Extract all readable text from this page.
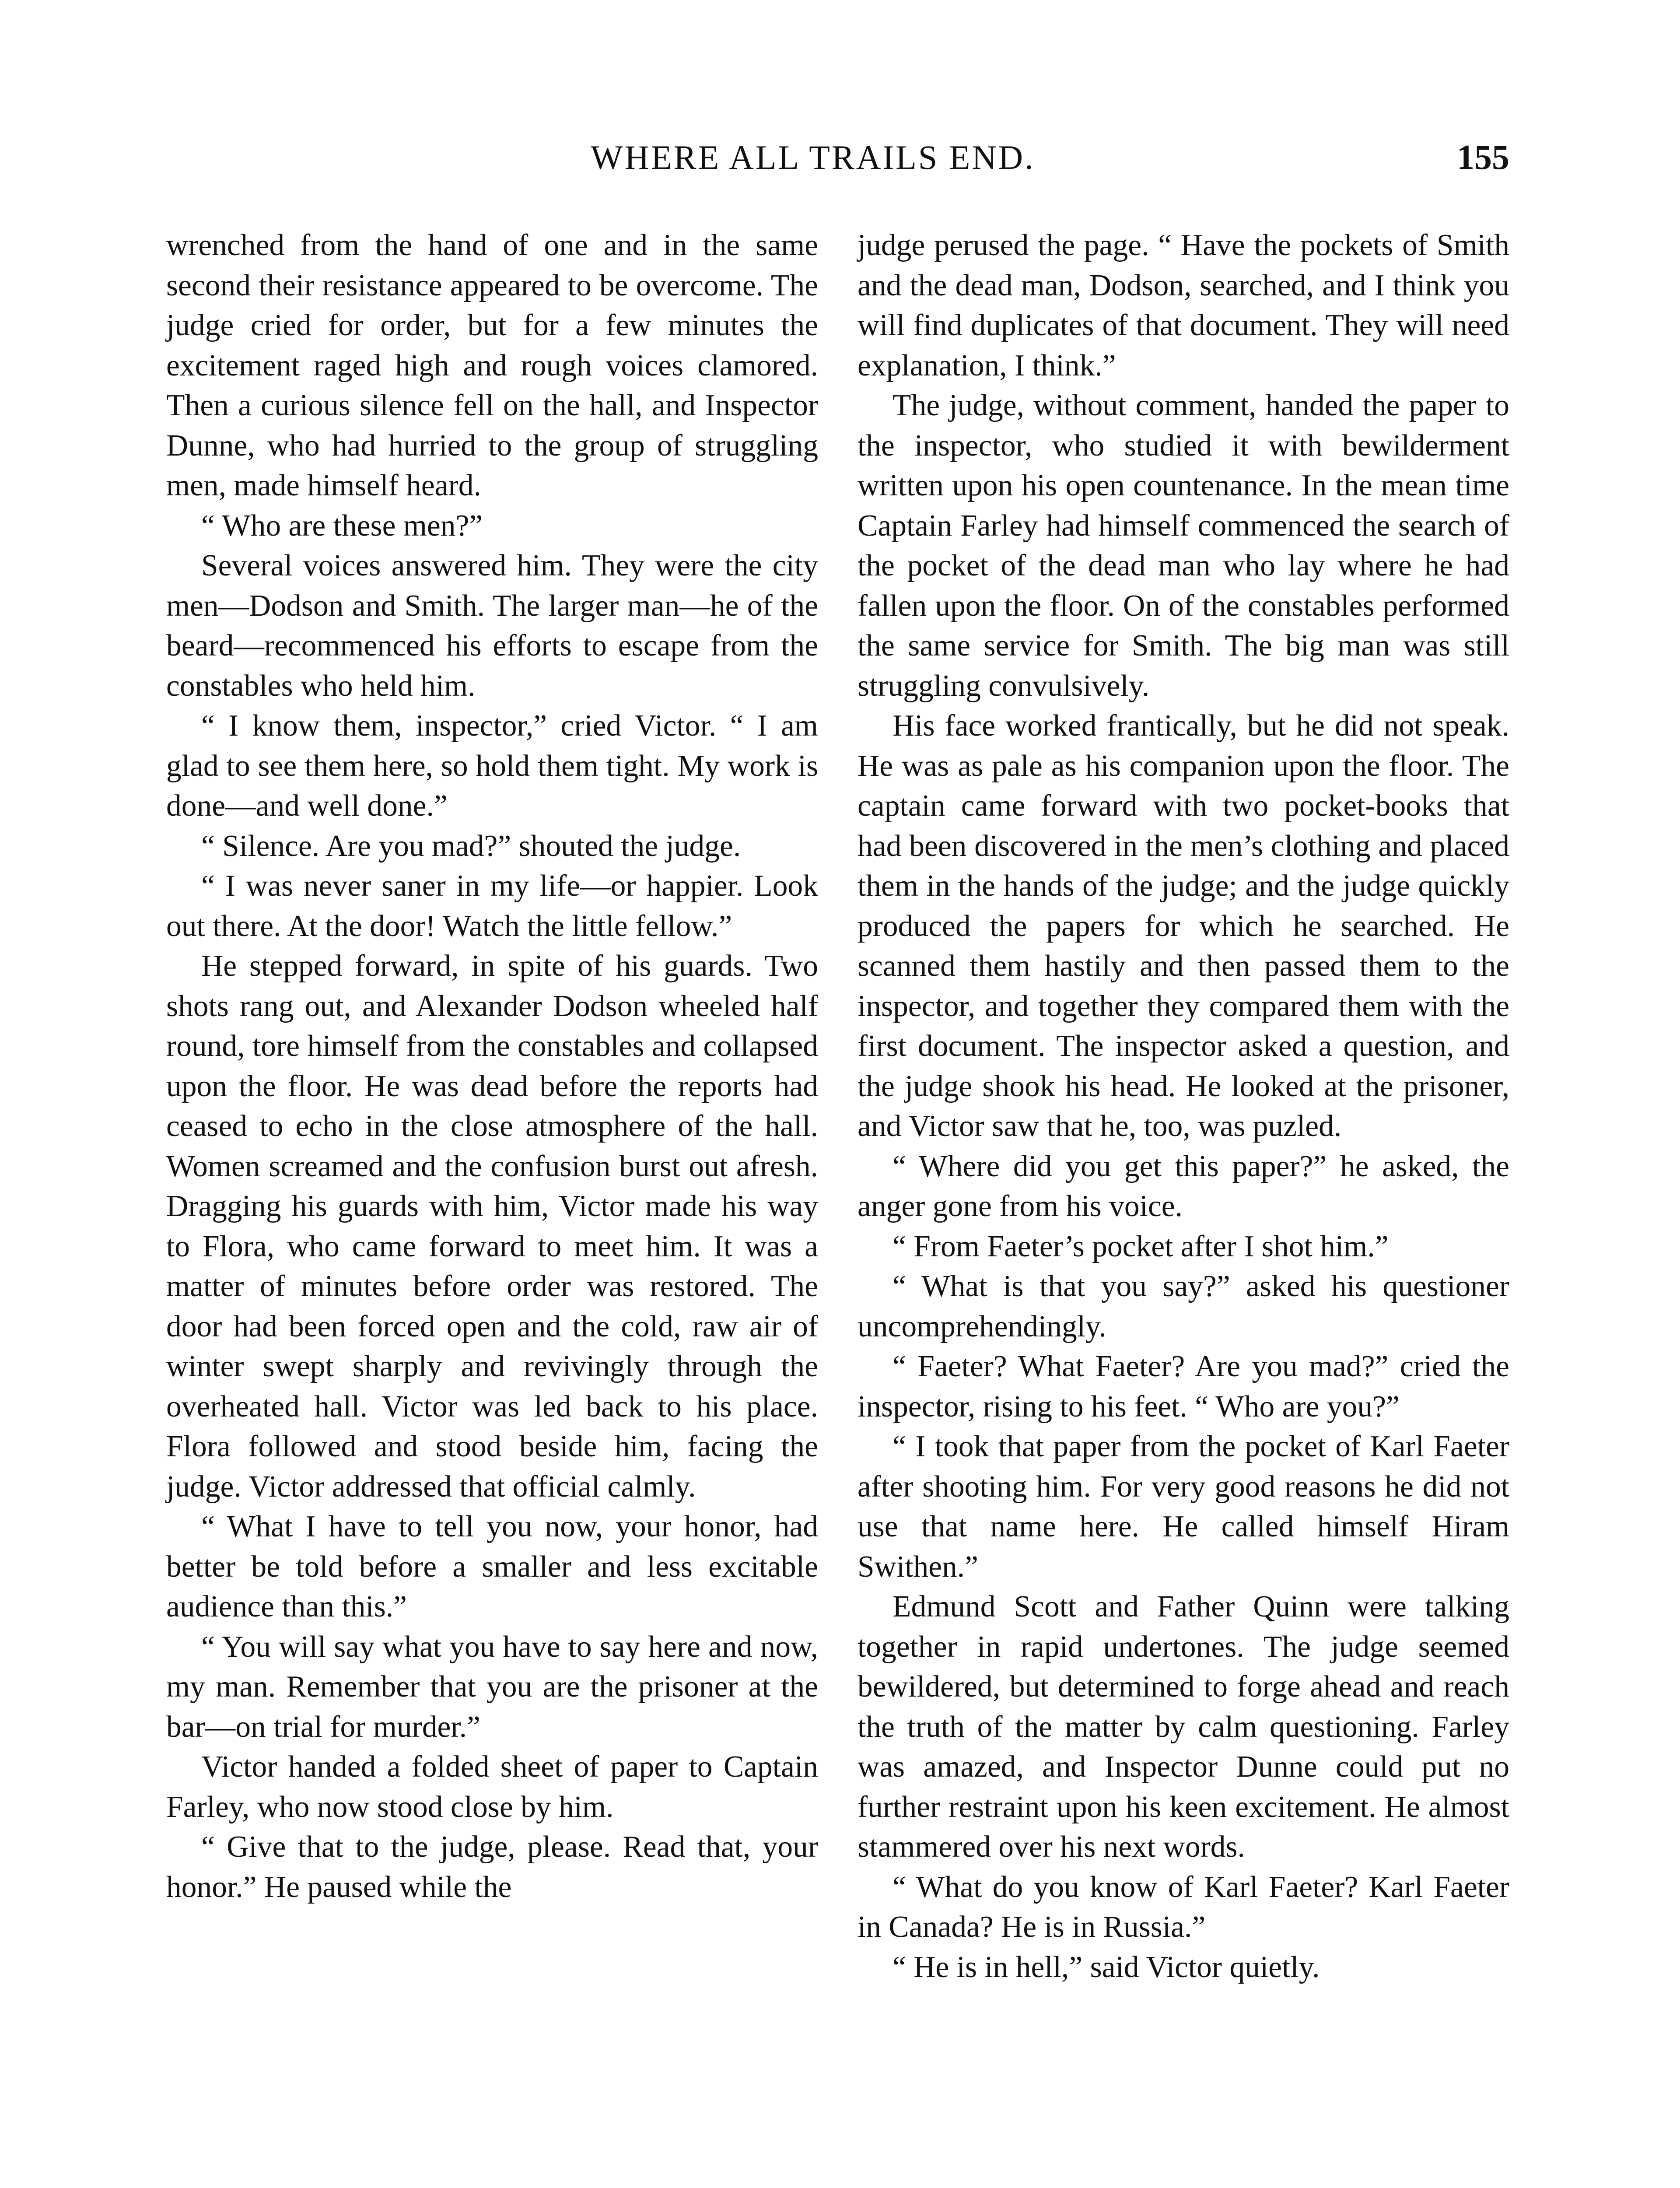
WHERE ALL TRAILS END.	155

wrenched from the hand of one and in the same second their resistance appeared to be overcome. The judge cried for order, but for a few minutes the excitement raged high and rough voices clamored. Then a curious silence fell on the hall, and Inspector Dunne, who had hurried to the group of struggling men, made himself heard.

“ Who are these men?”

Several voices answered him. They were the city men—Dodson and Smith. The larger man—he of the beard—recommenced his efforts to escape from the constables who held him.

“ I know them, inspector,” cried Victor. “ I am glad to see them here, so hold them tight. My work is done—and well done.”

“ Silence. Are you mad?” shouted the judge.

“ I was never saner in my life—or happier. Look out there. At the door! Watch the little fellow.”

He stepped forward, in spite of his guards. Two shots rang out, and Alexander Dodson wheeled half round, tore himself from the constables and collapsed upon the floor. He was dead before the reports had ceased to echo in the close atmosphere of the hall. Women screamed and the confusion burst out afresh. Dragging his guards with him, Victor made his way to Flora, who came forward to meet him. It was a matter of minutes before order was restored. The door had been forced open and the cold, raw air of winter swept sharply and revivingly through the overheated hall. Victor was led back to his place. Flora followed and stood beside him, facing the judge. Victor addressed that official calmly.

“ What I have to tell you now, your honor, had better be told before a smaller and less excitable audience than this.”

“ You will say what you have to say here and now, my man. Remember that you are the prisoner at the bar—on trial for murder.”

Victor handed a folded sheet of paper to Captain Farley, who now stood close by him.

“ Give that to the judge, please. Read that, your honor.” He paused while the

judge perused the page. “ Have the pockets of Smith and the dead man, Dodson, searched, and I think you will find duplicates of that document. They will need explanation, I think.”

The judge, without comment, handed the paper to the inspector, who studied it with bewilderment written upon his open countenance. In the mean time Captain Farley had himself commenced the search of the pocket of the dead man who lay where he had fallen upon the floor. On of the constables performed the same service for Smith. The big man was still struggling convulsively.

His face worked frantically, but he did not speak. He was as pale as his companion upon the floor. The captain came forward with two pocket-books that had been discovered in the men’s clothing and placed them in the hands of the judge; and the judge quickly produced the papers for which he searched. He scanned them hastily and then passed them to the inspector, and together they compared them with the first document. The inspector asked a question, and the judge shook his head. He looked at the prisoner, and Victor saw that he, too, was puzled.

“ Where did you get this paper?” he asked, the anger gone from his voice.

“ From Faeter’s pocket after I shot him.”

“ What is that you say?” asked his questioner uncomprehendingly.

“ Faeter? What Faeter? Are you mad?” cried the inspector, rising to his feet. “ Who are you?”

“ I took that paper from the pocket of Karl Faeter after shooting him. For very good reasons he did not use that name here. He called himself Hiram Swithen.”

Edmund Scott and Father Quinn were talking together in rapid undertones. The judge seemed bewildered, but determined to forge ahead and reach the truth of the matter by calm questioning. Farley was amazed, and Inspector Dunne could put no further restraint upon his keen excitement. He almost stammered over his next words.

“ What do you know of Karl Faeter? Karl Faeter in Canada? He is in Russia.”

“ He is in hell,” said Victor quietly.
